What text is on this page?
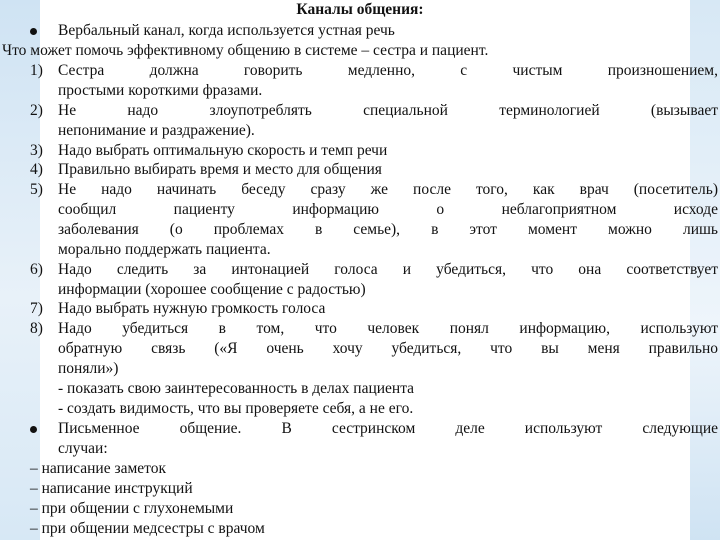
Каналы общения:
Вербальный канал, когда используется устная речь
Что может помочь эффективному общению в системе – сестра и пациент.
1) Сестра должна говорить медленно, с чистым произношением,
простыми короткими фразами.
2) Не надо злоупотреблять специальной терминологией (вызывает
непонимание и раздражение).
3) Надо выбрать оптимальную скорость и темп речи
4) Правильно выбирать время и место для общения
5) Не надо начинать беседу сразу же после того, как врач (посетитель)
сообщил пациенту информацию о неблагоприятном исходе
заболевания (о проблемах в семье), в этот момент можно лишь
морально поддержать пациента.
6) Надо следить за интонацией голоса и убедиться, что она соответствует
информации (хорошее сообщение с радостью)
7) Надо выбрать нужную громкость голоса
8) Надо убедиться в том, что человек понял информацию, используют
обратную связь («Я очень хочу убедиться, что вы меня правильно
поняли»)
- показать свою заинтересованность в делах пациента
- создать видимость, что вы проверяете себя, а не его.
Письменное общение. В сестринском деле используют следующие
случаи:
– написание заметок
– написание инструкций
– при общении с глухонемыми
– при общении медсестры с врачом
